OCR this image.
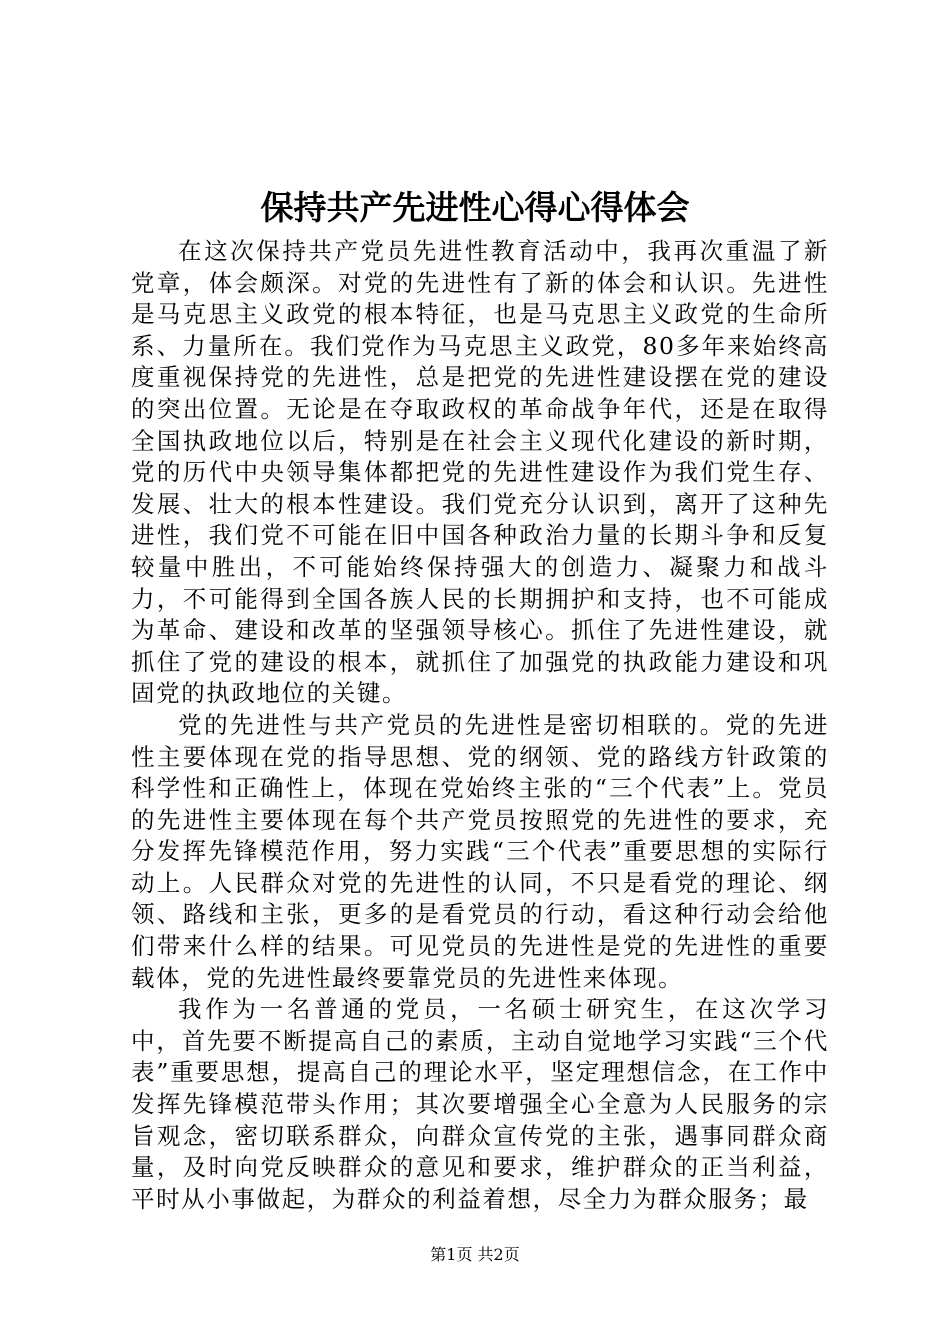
保持共产先进性心得心得体会

在这次保持共产党员先进性教育活动中，我再次重温了新党章，体会颇深。对党的先进性有了新的体会和认识。先进性是马克思主义政党的根本特征，也是马克思主义政党的生命所系、力量所在。我们党作为马克思主义政党，80多年来始终高度重视保持党的先进性，总是把党的先进性建设摆在党的建设的突出位置。无论是在夺取政权的革命战争年代，还是在取得全国执政地位以后，特别是在社会主义现代化建设的新时期，党的历代中央领导集体都把党的先进性建设作为我们党生存、发展、壮大的根本性建设。我们党充分认识到，离开了这种先进性，我们党不可能在旧中国各种政治力量的长期斗争和反复较量中胜出，不可能始终保持强大的创造力、凝聚力和战斗力，不可能得到全国各族人民的长期拥护和支持，也不可能成为革命、建设和改革的坚强领导核心。抓住了先进性建设，就抓住了党的建设的根本，就抓住了加强党的执政能力建设和巩固党的执政地位的关键。

党的先进性与共产党员的先进性是密切相联的。党的先进性主要体现在党的指导思想、党的纲领、党的路线方针政策的科学性和正确性上，体现在党始终主张的“三个代表”上。党员的先进性主要体现在每个共产党员按照党的先进性的要求，充分发挥先锋模范作用，努力实践“三个代表”重要思想的实际行动上。人民群众对党的先进性的认同，不只是看党的理论、纲领、路线和主张，更多的是看党员的行动，看这种行动会给他们带来什么样的结果。可见党员的先进性是党的先进性的重要载体，党的先进性最终要靠党员的先进性来体现。

我作为一名普通的党员，一名硕士研究生，在这次学习中，首先要不断提高自己的素质，主动自觉地学习实践“三个代表”重要思想，提高自己的理论水平，坚定理想信念，在工作中发挥先锋模范带头作用；其次要增强全心全意为人民服务的宗旨观念，密切联系群众，向群众宣传党的主张，遇事同群众商量，及时向党反映群众的意见和要求，维护群众的正当利益，平时从小事做起，为群众的利益着想，尽全力为群众服务；最

第1页 共2页
